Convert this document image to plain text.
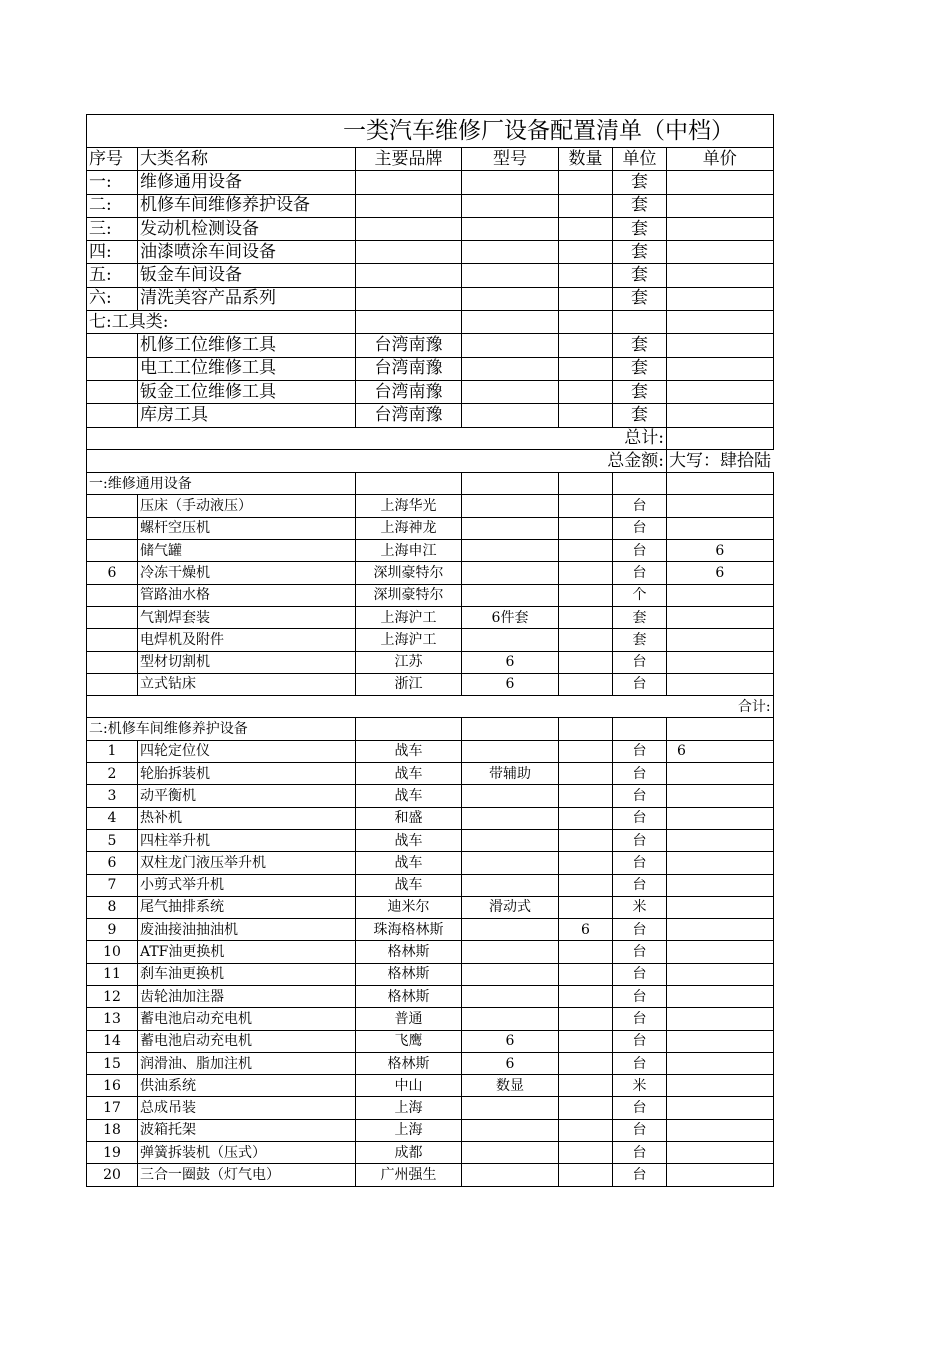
一类汽车维修厂设备配置清单（中档）						
序号	大类名称	主要品牌	型号	数量	单位	单价
一:	维修通用设备				套	
二:	机修车间维修养护设备				套	
三:	发动机检测设备				套	
四:	油漆喷涂车间设备				套	
五:	钣金车间设备				套	
六:	清洗美容产品系列				套	
七:工具类:						
	机修工位维修工具	台湾南豫			套	
	电工工位维修工具	台湾南豫			套	
	钣金工位维修工具	台湾南豫			套	
	库房工具	台湾南豫			套	
总计:						
总金额:						大写：肆拾陆
一:维修通用设备						
	压床（手动液压）	上海华光			台	
	螺杆空压机	上海神龙			台	
	储气罐	上海申江			台	6
6	冷冻干燥机	深圳豪特尔			台	6
	管路油水格	深圳豪特尔			个	
	气割焊套装	上海沪工	6件套		套	
	电焊机及附件	上海沪工			套	
	型材切割机	江苏	6		台	
	立式钻床	浙江	6		台	
合计:						
二:机修车间维修养护设备						
1	四轮定位仪	战车			台	6
2	轮胎拆装机	战车	带辅助		台	
3	动平衡机	战车			台	
4	热补机	和盛			台	
5	四柱举升机	战车			台	
6	双柱龙门液压举升机	战车			台	
7	小剪式举升机	战车			台	
8	尾气抽排系统	迪米尔	滑动式		米	
9	废油接油抽油机	珠海格林斯		6	台	
10	ATF油更换机	格林斯			台	
11	刹车油更换机	格林斯			台	
12	齿轮油加注器	格林斯			台	
13	蓄电池启动充电机	普通			台	
14	蓄电池启动充电机	飞鹰	6		台	
15	润滑油、脂加注机	格林斯	6		台	
16	供油系统	中山	数显		米	
17	总成吊装	上海			台	
18	波箱托架	上海			台	
19	弹簧拆装机（压式）	成都			台	
20	三合一圈鼓（灯气电）	广州强生			台	
